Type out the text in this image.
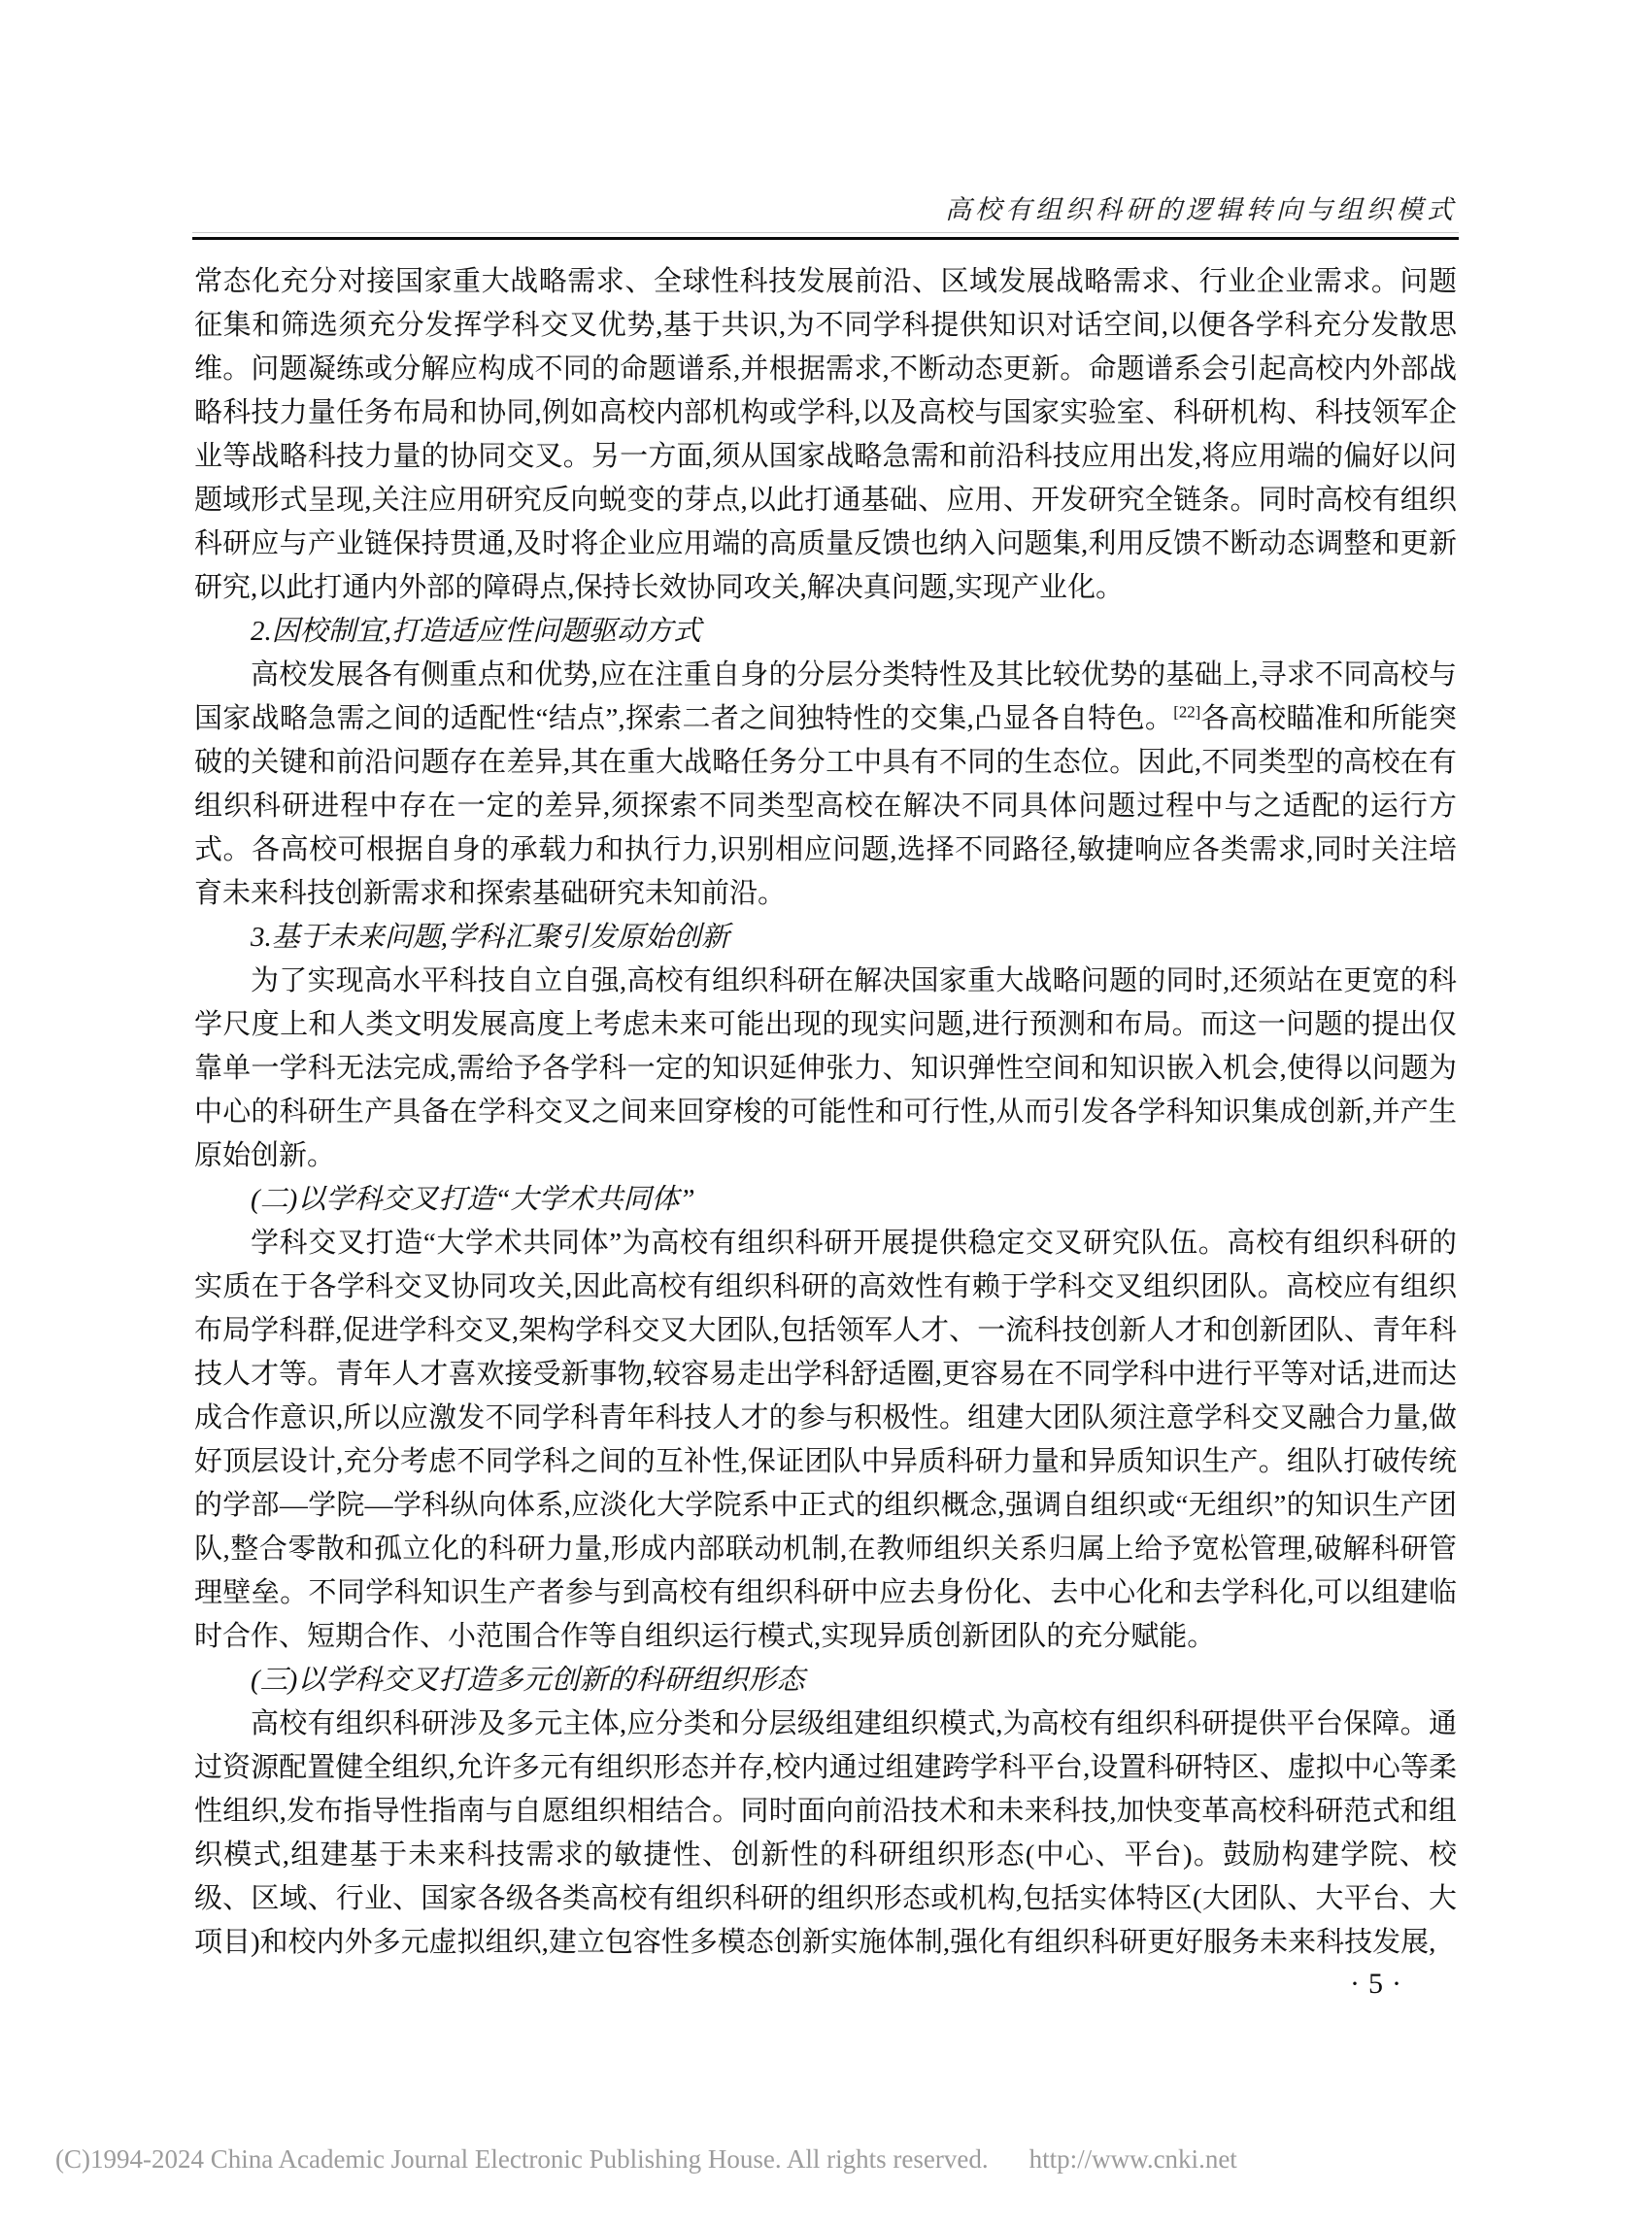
高校有组织科研的逻辑转向与组织模式

常态化充分对接国家重大战略需求、全球性科技发展前沿、区域发展战略需求、行业企业需求。问题征集和筛选须充分发挥学科交叉优势,基于共识,为不同学科提供知识对话空间,以便各学科充分发散思维。问题凝练或分解应构成不同的命题谱系,并根据需求,不断动态更新。命题谱系会引起高校内外部战略科技力量任务布局和协同,例如高校内部机构或学科,以及高校与国家实验室、科研机构、科技领军企业等战略科技力量的协同交叉。另一方面,须从国家战略急需和前沿科技应用出发,将应用端的偏好以问题域形式呈现,关注应用研究反向蜕变的芽点,以此打通基础、应用、开发研究全链条。同时高校有组织科研应与产业链保持贯通,及时将企业应用端的高质量反馈也纳入问题集,利用反馈不断动态调整和更新研究,以此打通内外部的障碍点,保持长效协同攻关,解决真问题,实现产业化。

2.因校制宜,打造适应性问题驱动方式

高校发展各有侧重点和优势,应在注重自身的分层分类特性及其比较优势的基础上,寻求不同高校与国家战略急需之间的适配性“结点”,探索二者之间独特性的交集,凸显各自特色。[22]各高校瞄准和所能突破的关键和前沿问题存在差异,其在重大战略任务分工中具有不同的生态位。因此,不同类型的高校在有组织科研进程中存在一定的差异,须探索不同类型高校在解决不同具体问题过程中与之适配的运行方式。各高校可根据自身的承载力和执行力,识别相应问题,选择不同路径,敏捷响应各类需求,同时关注培育未来科技创新需求和探索基础研究未知前沿。

3.基于未来问题,学科汇聚引发原始创新

为了实现高水平科技自立自强,高校有组织科研在解决国家重大战略问题的同时,还须站在更宽的科学尺度上和人类文明发展高度上考虑未来可能出现的现实问题,进行预测和布局。而这一问题的提出仅靠单一学科无法完成,需给予各学科一定的知识延伸张力、知识弹性空间和知识嵌入机会,使得以问题为中心的科研生产具备在学科交叉之间来回穿梭的可能性和可行性,从而引发各学科知识集成创新,并产生原始创新。

(二)以学科交叉打造“大学术共同体”

学科交叉打造“大学术共同体”为高校有组织科研开展提供稳定交叉研究队伍。高校有组织科研的实质在于各学科交叉协同攻关,因此高校有组织科研的高效性有赖于学科交叉组织团队。高校应有组织布局学科群,促进学科交叉,架构学科交叉大团队,包括领军人才、一流科技创新人才和创新团队、青年科技人才等。青年人才喜欢接受新事物,较容易走出学科舒适圈,更容易在不同学科中进行平等对话,进而达成合作意识,所以应激发不同学科青年科技人才的参与积极性。组建大团队须注意学科交叉融合力量,做好顶层设计,充分考虑不同学科之间的互补性,保证团队中异质科研力量和异质知识生产。组队打破传统的学部—学院—学科纵向体系,应淡化大学院系中正式的组织概念,强调自组织或“无组织”的知识生产团队,整合零散和孤立化的科研力量,形成内部联动机制,在教师组织关系归属上给予宽松管理,破解科研管理壁垒。不同学科知识生产者参与到高校有组织科研中应去身份化、去中心化和去学科化,可以组建临时合作、短期合作、小范围合作等自组织运行模式,实现异质创新团队的充分赋能。

(三)以学科交叉打造多元创新的科研组织形态

高校有组织科研涉及多元主体,应分类和分层级组建组织模式,为高校有组织科研提供平台保障。通过资源配置健全组织,允许多元有组织形态并存,校内通过组建跨学科平台,设置科研特区、虚拟中心等柔性组织,发布指导性指南与自愿组织相结合。同时面向前沿技术和未来科技,加快变革高校科研范式和组织模式,组建基于未来科技需求的敏捷性、创新性的科研组织形态(中心、平台)。鼓励构建学院、校级、区域、行业、国家各级各类高校有组织科研的组织形态或机构,包括实体特区(大团队、大平台、大项目)和校内外多元虚拟组织,建立包容性多模态创新实施体制,强化有组织科研更好服务未来科技发展,

·5·
(C)1994-2024 China Academic Journal Electronic Publishing House. All rights reserved. http://www.cnki.net
